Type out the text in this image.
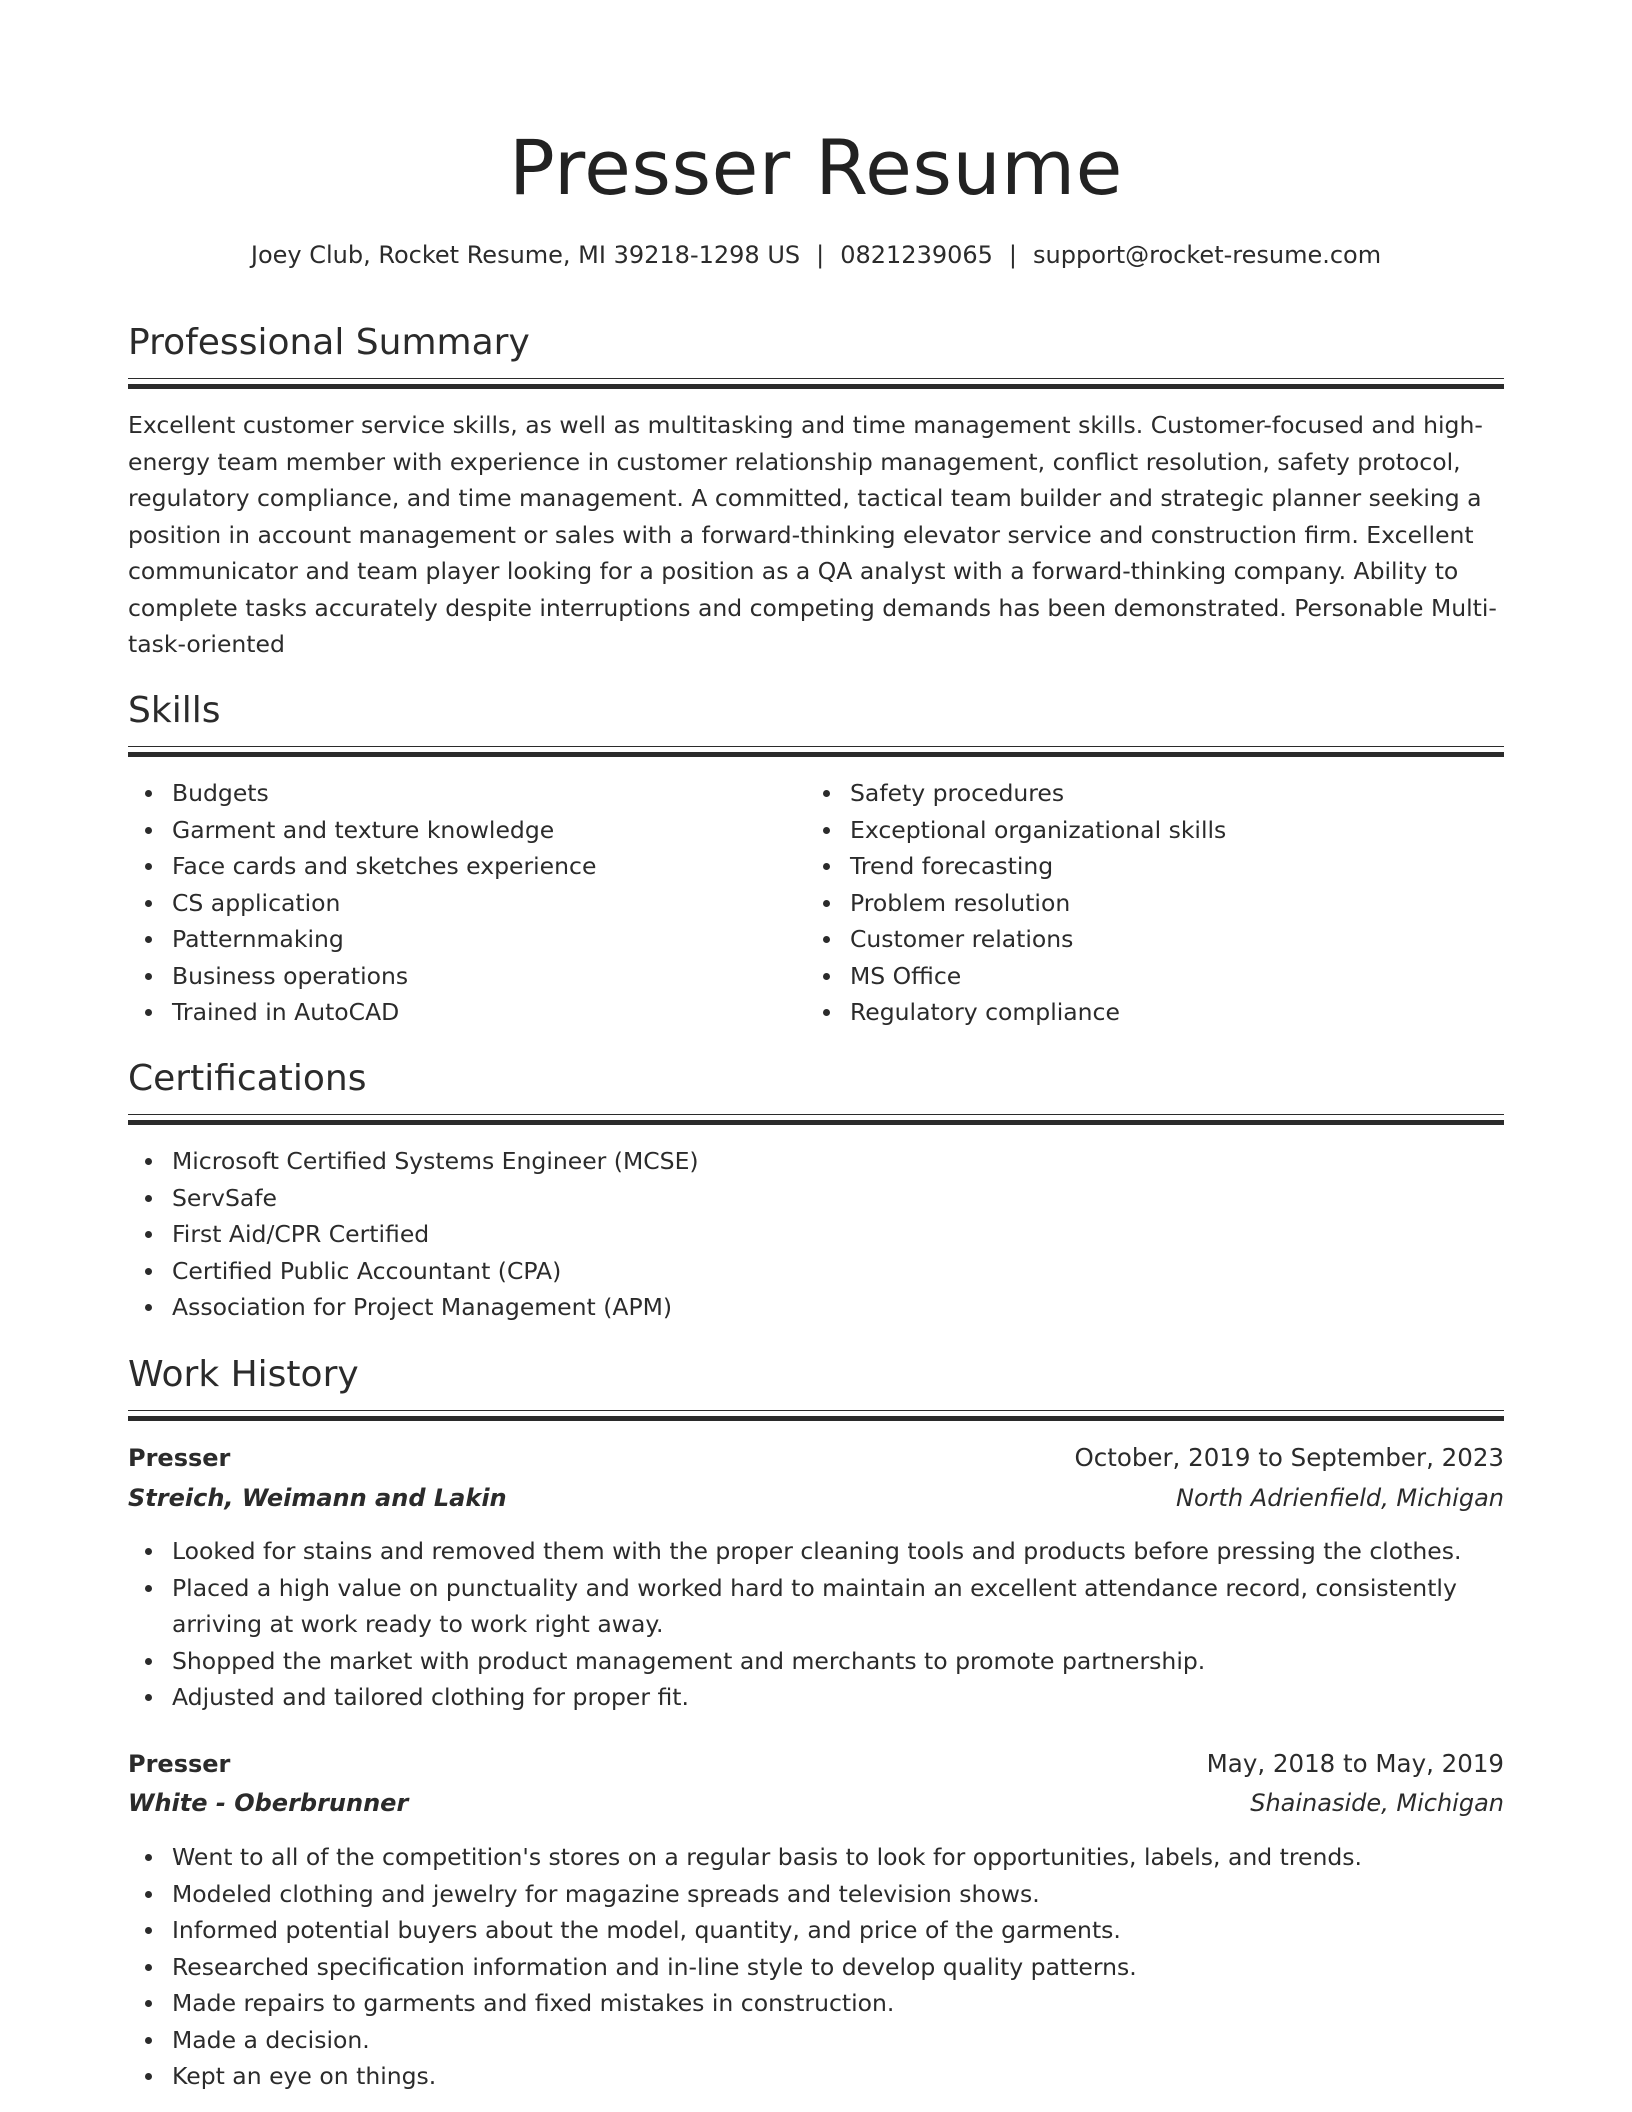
Presser Resume
Joey Club, Rocket Resume, MI 39218-1298 US | 0821239065 | support@rocket-resume.com
Professional Summary
Excellent customer service skills, as well as multitasking and time management skills. Customer-focused and high-
energy team member with experience in customer relationship management, conflict resolution, safety protocol,
regulatory compliance, and time management. A committed, tactical team builder and strategic planner seeking a
position in account management or sales with a forward-thinking elevator service and construction firm. Excellent
communicator and team player looking for a position as a QA analyst with a forward-thinking company. Ability to
complete tasks accurately despite interruptions and competing demands has been demonstrated. Personable Multi-
task-oriented
Skills
Budgets
Garment and texture knowledge
Face cards and sketches experience
CS application
Patternmaking
Business operations
Trained in AutoCAD
Safety procedures
Exceptional organizational skills
Trend forecasting
Problem resolution
Customer relations
MS Office
Regulatory compliance
Certifications
Microsoft Certified Systems Engineer (MCSE)
ServSafe
First Aid/CPR Certified
Certified Public Accountant (CPA)
Association for Project Management (APM)
Work History
Presser	October, 2019 to September, 2023
Streich, Weimann and Lakin	North Adrienfield, Michigan
Looked for stains and removed them with the proper cleaning tools and products before pressing the clothes.
Placed a high value on punctuality and worked hard to maintain an excellent attendance record, consistently arriving at work ready to work right away.
Shopped the market with product management and merchants to promote partnership.
Adjusted and tailored clothing for proper fit.
Presser	May, 2018 to May, 2019
White - Oberbrunner	Shainaside, Michigan
Went to all of the competition's stores on a regular basis to look for opportunities, labels, and trends.
Modeled clothing and jewelry for magazine spreads and television shows.
Informed potential buyers about the model, quantity, and price of the garments.
Researched specification information and in-line style to develop quality patterns.
Made repairs to garments and fixed mistakes in construction.
Made a decision.
Kept an eye on things.
